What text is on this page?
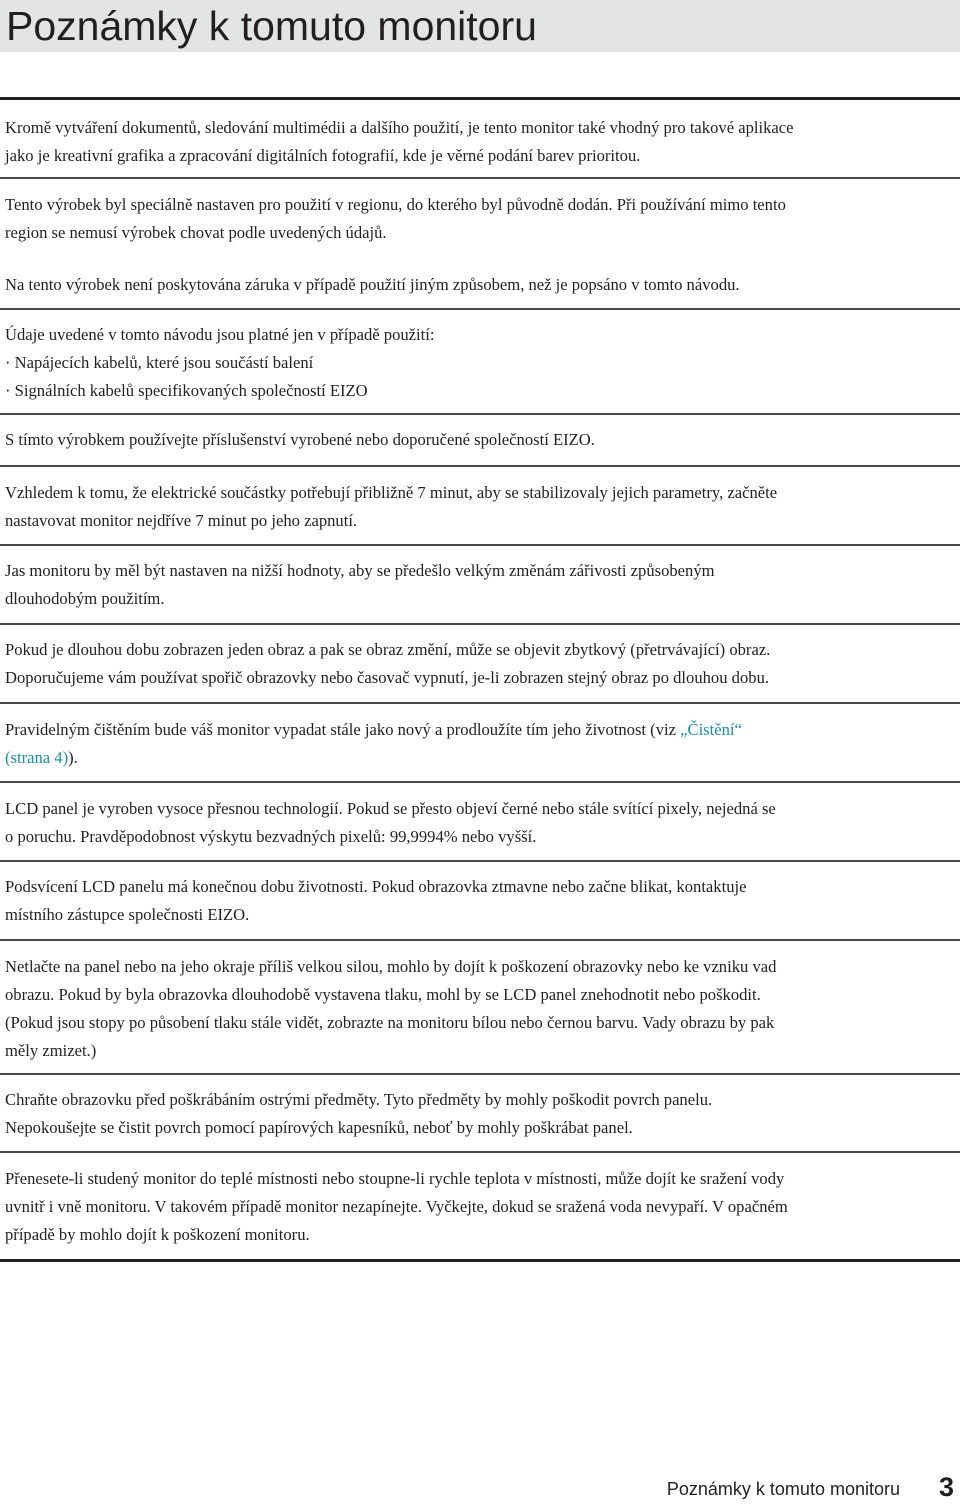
Poznámky k tomuto monitoru
Kromě vytváření dokumentů, sledování multimédii a dalšího použití, je tento monitor také vhodný pro takové aplikace
jako je kreativní grafika a zpracování digitálních fotografií, kde je věrné podání barev prioritou.
Tento výrobek byl speciálně nastaven pro použití v regionu, do kterého byl původně dodán. Při používání mimo tento
region se nemusí výrobek chovat podle uvedených údajů.
Na tento výrobek není poskytována záruka v případě použití jiným způsobem, než je popsáno v tomto návodu.
Údaje uvedené v tomto návodu jsou platné jen v případě použití:
· Napájecích kabelů, které jsou součástí balení
· Signálních kabelů specifikovaných společností EIZO
S tímto výrobkem používejte příslušenství vyrobené nebo doporučené společností EIZO.
Vzhledem k tomu, že elektrické součástky potřebují přibližně 7 minut, aby se stabilizovaly jejich parametry, začněte
nastavovat monitor nejdříve 7 minut po jeho zapnutí.
Jas monitoru by měl být nastaven na nižší hodnoty, aby se předešlo velkým změnám zářivosti způsobeným
dlouhodobým použitím.
Pokud je dlouhou dobu zobrazen jeden obraz a pak se obraz změní, může se objevit zbytkový (přetrvávající) obraz.
Doporučujeme vám používat spořič obrazovky nebo časovač vypnutí, je-li zobrazen stejný obraz po dlouhou dobu.
Pravidelným čištěním bude váš monitor vypadat stále jako nový a prodloužíte tím jeho životnost (viz „Čistění“
(strana 4)).
LCD panel je vyroben vysoce přesnou technologií. Pokud se přesto objeví černé nebo stále svítící pixely, nejedná se
o poruchu. Pravděpodobnost výskytu bezvadných pixelů: 99,9994% nebo vyšší.
Podsvícení LCD panelu má konečnou dobu životnosti. Pokud obrazovka ztmavne nebo začne blikat, kontaktuje
místního zástupce společnosti EIZO.
Netlačte na panel nebo na jeho okraje příliš velkou silou, mohlo by dojít k poškození obrazovky nebo ke vzniku vad
obrazu. Pokud by byla obrazovka dlouhodobě vystavena tlaku, mohl by se LCD panel znehodnotit nebo poškodit.
(Pokud jsou stopy po působení tlaku stále vidět, zobrazte na monitoru bílou nebo černou barvu. Vady obrazu by pak
měly zmizet.)
Chraňte obrazovku před poškrábáním ostrými předměty. Tyto předměty by mohly poškodit povrch panelu.
Nepokoušejte se čistit povrch pomocí papírových kapesníků, neboť by mohly poškrábat panel.
Přenesete-li studený monitor do teplé místnosti nebo stoupne-li rychle teplota v místnosti, může dojít ke sražení vody
uvnitř i vně monitoru. V takovém případě monitor nezapínejte. Vyčkejte, dokud se sražená voda nevypaří. V opačném
případě by mohlo dojít k poškození monitoru.
Poznámky k tomuto monitoru 3
